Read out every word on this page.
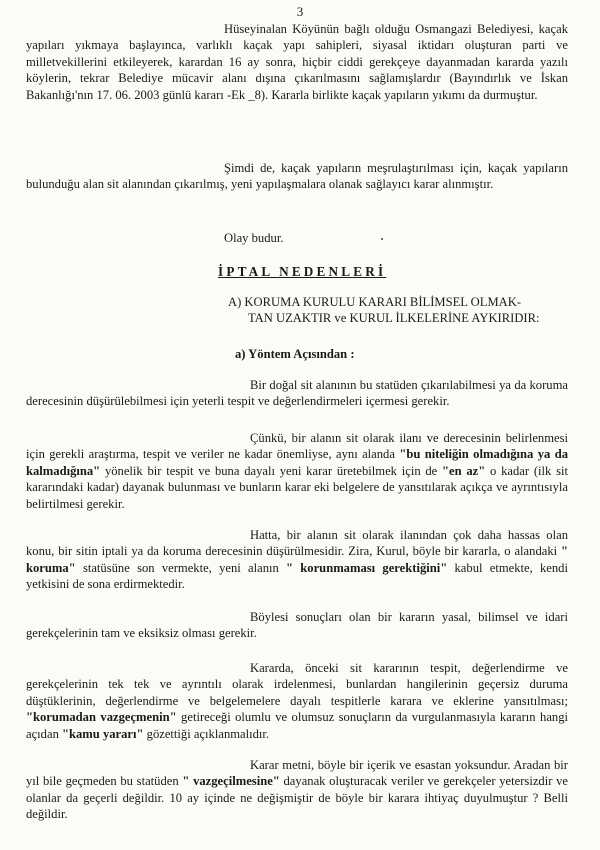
3

Hüseyinalan Köyünün bağlı olduğu Osmangazi Belediyesi, kaçak yapıları yıkmaya başlayınca, varlıklı kaçak yapı sahipleri, siyasal iktidarı oluşturan parti ve milletvekillerini etkileyerek, karardan 16 ay sonra, hiçbir ciddi gerekçeye dayanmadan kararda yazılı köylerin, tekrar Belediye mücavir alanı dışına çıkarılmasını sağlamışlardır (Bayındırlık ve İskan Bakanlığı'nın 17. 06. 2003 günlü kararı -Ek _8). Kararla birlikte kaçak yapıların yıkımı da durmuştur.

Şimdi de, kaçak yapıların meşrulaştırılması için, kaçak yapıların bulunduğu alan sit alanından çıkarılmış, yeni yapılaşmalara olanak sağlayıcı karar alınmıştır.

Olay budur.

İPTAL NEDENLERİ
A) KORUMA KURULU KARARI BİLİMSEL OLMAK-
TAN UZAKTIR ve KURUL İLKELERİNE AYKIRIDIR:

a) Yöntem Açısından :

Bir doğal sit alanının bu statüden çıkarılabilmesi ya da koruma derecesinin düşürülebilmesi için yeterli tespit ve değerlendirmeleri içermesi gerekir.

Çünkü, bir alanın sit olarak ilanı ve derecesinin belirlenmesi için gerekli araştırma, tespit ve veriler ne kadar önemliyse, aynı alanda "bu niteliğin olmadığına ya da kalmadığına" yönelik bir tespit ve buna dayalı yeni karar üretebilmek için de "en az" o kadar (ilk sit kararındaki kadar) dayanak bulunması ve bunların karar eki belgelere de yansıtılarak açıkça ve ayrıntısıyla belirtilmesi gerekir.

Hatta, bir alanın sit olarak ilanından çok daha hassas olan konu, bir sitin iptali ya da koruma derecesinin düşürülmesidir. Zira, Kurul, böyle bir kararla, o alandaki " koruma" statüsüne son vermekte, yeni alanın " korunmaması gerektiğini" kabul etmekte, kendi yetkisini de sona erdirmektedir.

Böylesi sonuçları olan bir kararın yasal, bilimsel ve idari gerekçelerinin tam ve eksiksiz olması gerekir.

Kararda, önceki sit kararının tespit, değerlendirme ve gerekçelerinin tek tek ve ayrıntılı olarak irdelenmesi, bunlardan hangilerinin geçersiz duruma düştüklerinin, değerlendirme ve belgelemelere dayalı tespitlerle karara ve eklerine yansıtılması; "korumadan vazgeçmenin" getireceği olumlu ve olumsuz sonuçların da vurgulanmasıyla kararın hangi açıdan "kamu yararı" gözettiği açıklanmalıdır.

Karar metni, böyle bir içerik ve esastan yoksundur. Aradan bir yıl bile geçmeden bu statüden " vazgeçilmesine" dayanak oluşturacak veriler ve gerekçeler yetersizdir ve olanlar da geçerli değildir. 10 ay içinde ne değişmiştir de böyle bir karara ihtiyaç duyulmuştur ? Belli değildir.
